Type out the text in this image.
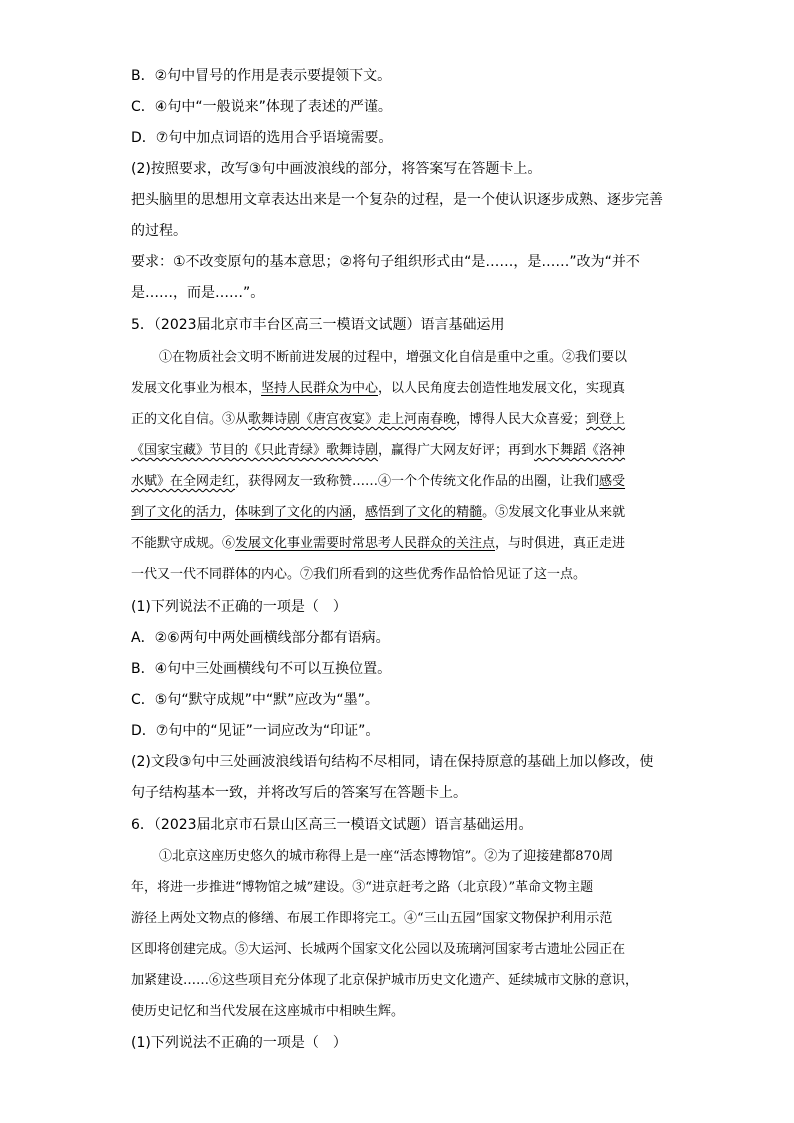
B．②句中冒号的作用是表示要提领下文。
C．④句中“一般说来”体现了表述的严谨。
D．⑦句中加点词语的选用合乎语境需要。
(2)按照要求，改写③句中画波浪线的部分，将答案写在答题卡上。
把头脑里的思想用文章表达出来是一个复杂的过程，是一个使认识逐步成熟、逐步完善
的过程。
要求：①不改变原句的基本意思；②将句子组织形式由“是……，是……”改为“并不
是……，而是……”。
5．（2023届北京市丰台区高三一模语文试题）语言基础运用
①在物质社会文明不断前进发展的过程中，增强文化自信是重中之重。②我们要以
发展文化事业为根本，坚持人民群众为中心，以人民角度去创造性地发展文化，实现真
正的文化自信。③从歌舞诗剧《唐宫夜宴》走上河南春晚，博得人民大众喜爱；到登上
《国家宝藏》节目的《只此青绿》歌舞诗剧，赢得广大网友好评；再到水下舞蹈《洛神
水赋》在全网走红，获得网友一致称赞……④一个个传统文化作品的出圈，让我们感受
到了文化的活力，体味到了文化的内涵，感悟到了文化的精髓。⑤发展文化事业从来就
不能默守成规。⑥发展文化事业需要时常思考人民群众的关注点，与时俱进，真正走进
一代又一代不同群体的内心。⑦我们所看到的这些优秀作品恰恰见证了这一点。
(1)下列说法不正确的一项是（　）
A．②⑥两句中两处画横线部分都有语病。
B．④句中三处画横线句不可以互换位置。
C．⑤句“默守成规”中“默”应改为“墨”。
D．⑦句中的“见证”一词应改为“印证”。
(2)文段③句中三处画波浪线语句结构不尽相同，请在保持原意的基础上加以修改，使
句子结构基本一致，并将改写后的答案写在答题卡上。
6．（2023届北京市石景山区高三一模语文试题）语言基础运用。
①北京这座历史悠久的城市称得上是一座“活态博物馆”。②为了迎接建都870周
年，将进一步推进“博物馆之城”建设。③“进京赶考之路（北京段）”革命文物主题
游径上两处文物点的修缮、布展工作即将完工。④“三山五园”国家文物保护利用示范
区即将创建完成。⑤大运河、长城两个国家文化公园以及琉璃河国家考古遗址公园正在
加紧建设……⑥这些项目充分体现了北京保护城市历史文化遗产、延续城市文脉的意识，
使历史记忆和当代发展在这座城市中相映生辉。
(1)下列说法不正确的一项是（　）
